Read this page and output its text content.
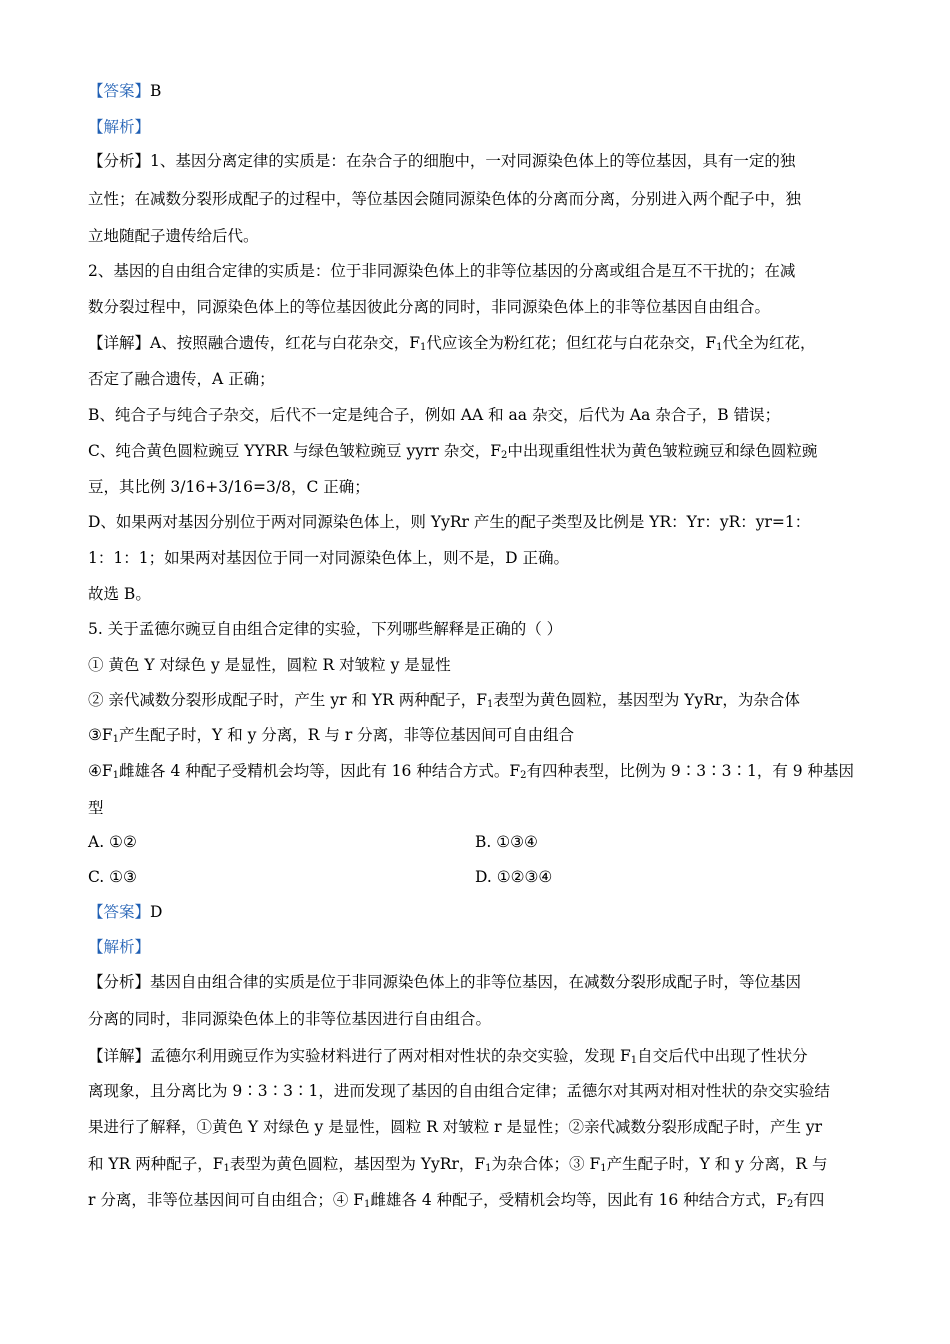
【答案】B
【解析】
【分析】1、基因分离定律的实质是：在杂合子的细胞中，一对同源染色体上的等位基因，具有一定的独
立性；在减数分裂形成配子的过程中，等位基因会随同源染色体的分离而分离，分别进入两个配子中，独
立地随配子遗传给后代。
2、基因的自由组合定律的实质是：位于非同源染色体上的非等位基因的分离或组合是互不干扰的；在减
数分裂过程中，同源染色体上的等位基因彼此分离的同时，非同源染色体上的非等位基因自由组合。
【详解】A、按照融合遗传，红花与白花杂交，$F_1$代应该全为粉红花；但红花与白花杂交，$F_1$代全为红花，
否定了融合遗传，A 正确；
B、纯合子与纯合子杂交，后代不一定是纯合子，例如 AA 和 aa 杂交，后代为 Aa 杂合子，B 错误；
C、纯合黄色圆粒豌豆 YYRR 与绿色皱粒豌豆 yyrr 杂交，$F_2$中出现重组性状为黄色皱粒豌豆和绿色圆粒豌
豆，其比例 3/16+3/16=3/8，C 正确；
D、如果两对基因分别位于两对同源染色体上，则 YyRr 产生的配子类型及比例是 YR：Yr：yR：yr=1：
1：1：1；如果两对基因位于同一对同源染色体上，则不是，D 正确。
故选 B。
5. 关于孟德尔豌豆自由组合定律的实验，下列哪些解释是正确的（ ）
① 黄色 Y 对绿色 y 是显性，圆粒 R 对皱粒 y 是显性
② 亲代减数分裂形成配子时，产生 yr 和 YR 两种配子，$F_1$表型为黄色圆粒，基因型为 YyRr，为杂合体
$③F_1$产生配子时，Y 和 y 分离，R 与 r 分离，非等位基因间可自由组合
$④F_1$雌雄各 4 种配子受精机会均等，因此有 16 种结合方式。$F_2$有四种表型，比例为 9∶3∶3∶1，有 9 种基因
型
A. ①②	B. ①③④
C. ①③	D. ①②③④
【答案】D
【解析】
【分析】基因自由组合律的实质是位于非同源染色体上的非等位基因，在减数分裂形成配子时，等位基因
分离的同时，非同源染色体上的非等位基因进行自由组合。
【详解】孟德尔利用豌豆作为实验材料进行了两对相对性状的杂交实验，发现 $F_1$自交后代中出现了性状分
离现象，且分离比为 9∶3∶3∶1，进而发现了基因的自由组合定律；孟德尔对其两对相对性状的杂交实验结
果进行了解释，①黄色 Y 对绿色 y 是显性，圆粒 R 对皱粒 r 是显性；②亲代减数分裂形成配子时，产生 yr
和 YR 两种配子，$F_1$表型为黄色圆粒，基因型为 YyRr，$F_1$为杂合体；③ $F_1$产生配子时，Y 和 y 分离，R 与
r 分离，非等位基因间可自由组合；④ $F_1$雌雄各 4 种配子，受精机会均等，因此有 16 种结合方式，$F_2$有四
